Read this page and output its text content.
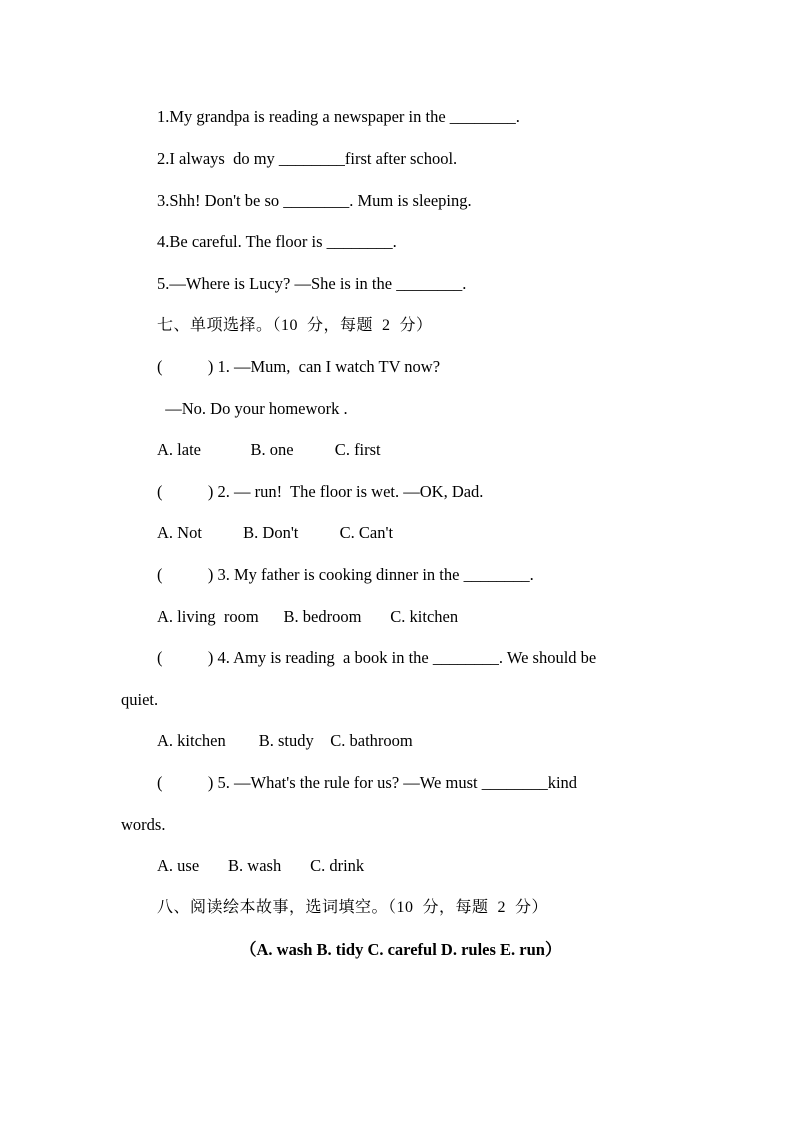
1.My grandpa is reading a newspaper in the ________.
2.I always  do my ________first after school.
3.Shh! Don't be so ________. Mum is sleeping.
4.Be careful. The floor is ________.
5.—Where is Lucy? —She is in the ________.
七、单项选择。（10  分，每题  2  分）
(           ) 1. —Mum,  can I watch TV now?
—No. Do your homework .
A. late            B. one          C. first
(           ) 2. — run!  The floor is wet. —OK, Dad.
A. Not          B. Don't          C. Can't
(           ) 3. My father is cooking dinner in the ________.
A. living  room      B. bedroom       C. kitchen
(           ) 4. Amy is reading  a book in the ________. We should be
quiet.
A. kitchen        B. study    C. bathroom
(           ) 5. —What's the rule for us? —We must ________kind
words.
A. use       B. wash       C. drink
八、阅读绘本故事，选词填空。（10  分，每题  2  分）
（A. wash B. tidy C. careful D. rules E. run）
